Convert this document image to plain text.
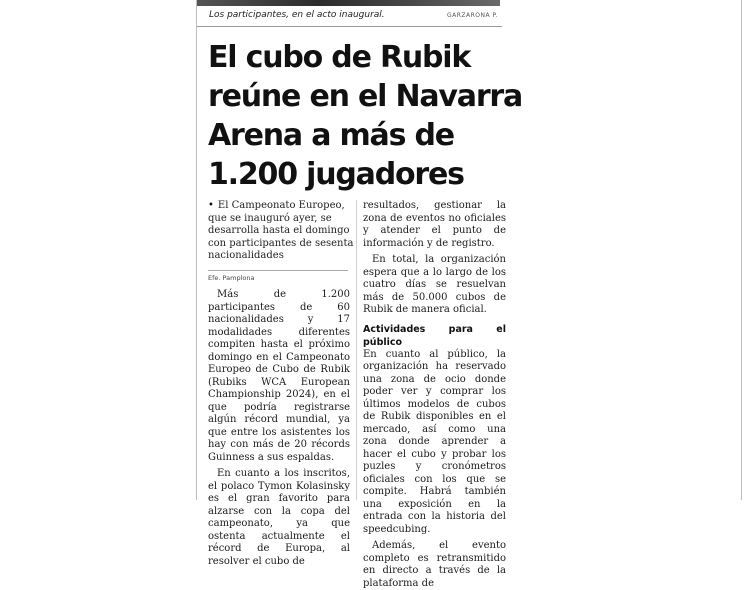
Los participantes, en el acto inaugural.	GARZARONA P.
El cubo de Rubik
reúne en el Navarra
Arena a más de
1.200 jugadores
• El Campeonato Europeo, que se inauguró ayer, se desarrolla hasta el domingo con participantes de sesenta nacionalidades
Efe. Pamplona

Más de 1.200 participantes de 60 nacionalidades y 17 modalidades diferentes compiten hasta el próximo domingo en el Campeonato Europeo de Cubo de Rubik (Rubiks WCA European Championship 2024), en el que podría registrarse algún récord mundial, ya que entre los asistentes los hay con más de 20 récords Guinness a sus espaldas.

En cuanto a los inscritos, el polaco Tymon Kolasinsky es el gran favorito para alzarse con la copa del campeonato, ya que ostenta actualmente el récord de Europa, al resolver el cubo de

resultados, gestionar la zona de eventos no oficiales y atender el punto de información y de registro.

En total, la organización espera que a lo largo de los cuatro días se resuelvan más de 50.000 cubos de Rubik de manera oficial.

Actividades para el público

En cuanto al público, la organización ha reservado una zona de ocio donde poder ver y comprar los últimos modelos de cubos de Rubik disponibles en el mercado, así como una zona donde aprender a hacer el cubo y probar los puzles y cronómetros oficiales con los que se compite. Habrá también una exposición en la entrada con la historia del speedcubing.

Además, el evento completo es retransmitido en directo a través de la plataforma de
